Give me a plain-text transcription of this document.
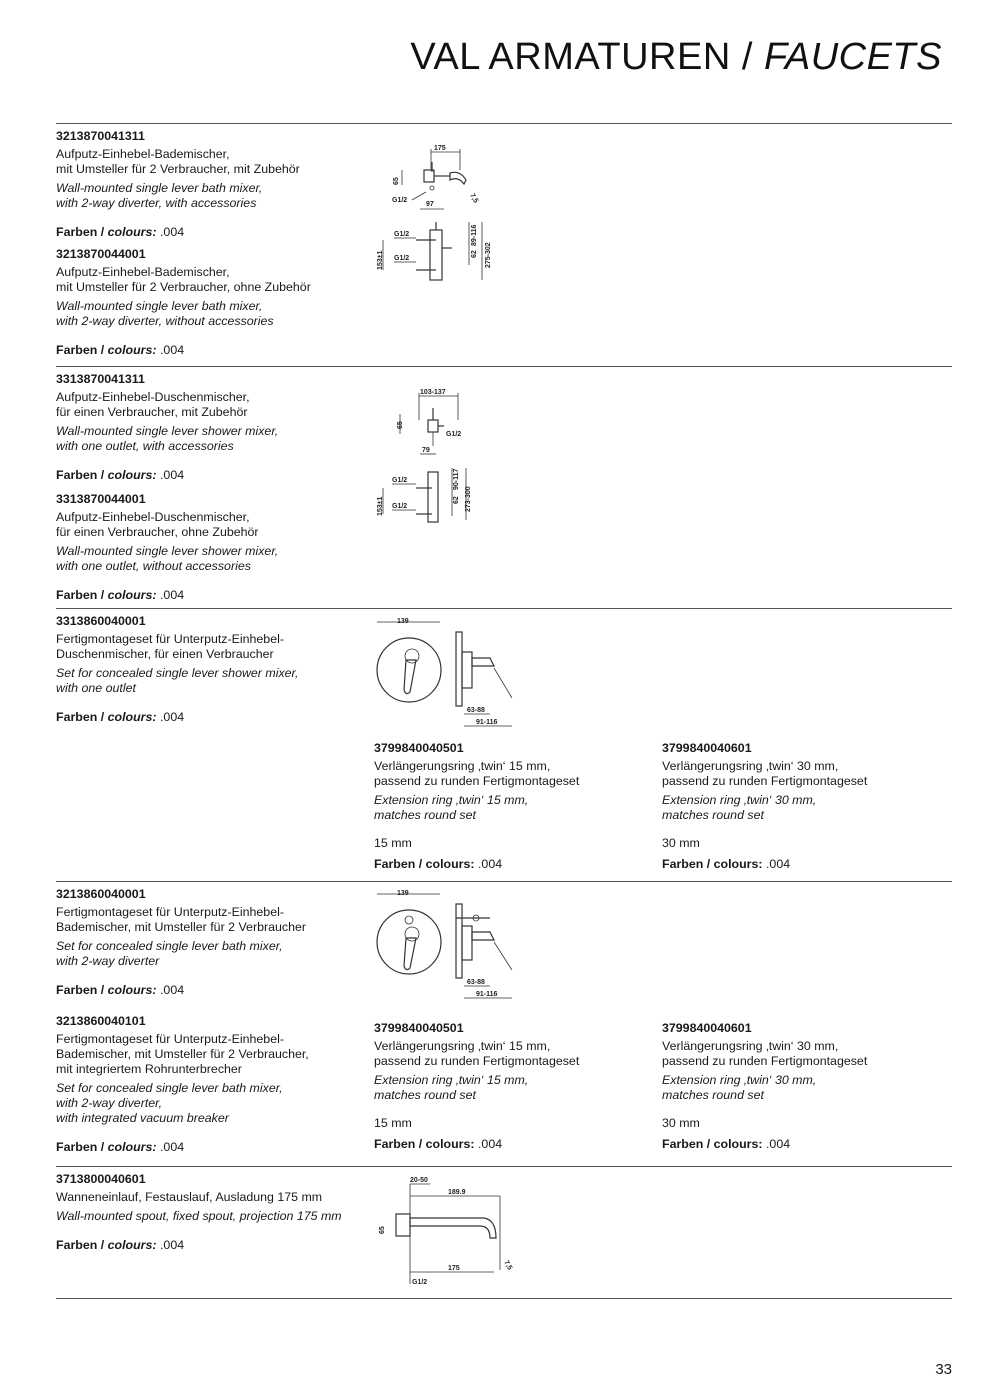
VAL ARMATUREN / FAUCETS
3213870041311
Aufputz-Einhebel-Bademischer,
mit Umsteller für 2 Verbraucher, mit Zubehör
Wall-mounted single lever bath mixer,
with 2-way diverter, with accessories
Farben / colours: .004
3213870044001
Aufputz-Einhebel-Bademischer,
mit Umsteller für 2 Verbraucher, ohne Zubehör
Wall-mounted single lever bath mixer,
with 2-way diverter, without accessories
Farben / colours: .004
3313870041311
Aufputz-Einhebel-Duschenmischer,
für einen Verbraucher, mit Zubehör
Wall-mounted single lever shower mixer,
with one outlet, with accessories
Farben / colours: .004
3313870044001
Aufputz-Einhebel-Duschenmischer,
für einen Verbraucher, ohne Zubehör
Wall-mounted single lever shower mixer,
with one outlet, without accessories
Farben / colours: .004
3313860040001
Fertigmontageset für Unterputz-Einhebel-
Duschenmischer, für einen Verbraucher
Set for concealed single lever shower mixer,
with one outlet
Farben / colours: .004
3213860040001
Fertigmontageset für Unterputz-Einhebel-
Bademischer, mit Umsteller für 2 Verbraucher
Set for concealed single lever bath mixer,
with 2-way diverter
Farben / colours: .004
3213860040101
Fertigmontageset für Unterputz-Einhebel-
Bademischer, mit Umsteller für 2 Verbraucher,
mit integriertem Rohrunterbrecher
Set for concealed single lever bath mixer,
with 2-way diverter,
with integrated vacuum breaker
Farben / colours: .004
3713800040601
Wanneneinlauf, Festauslauf, Ausladung 175 mm
Wall-mounted spout, fixed spout, projection 175 mm
Farben / colours: .004
3799840040501
Verlängerungsring ‚twin‘ 15 mm,
passend zu runden Fertigmontageset
Extension ring ‚twin‘ 15 mm,
matches round set
15 mm
Farben / colours: .004
3799840040601
Verlängerungsring ‚twin‘ 30 mm,
passend zu runden Fertigmontageset
Extension ring ‚twin‘ 30 mm,
matches round set
30 mm
Farben / colours: .004
3799840040501
Verlängerungsring ‚twin‘ 15 mm,
passend zu runden Fertigmontageset
Extension ring ‚twin‘ 15 mm,
matches round set
15 mm
Farben / colours: .004
3799840040601
Verlängerungsring ‚twin‘ 30 mm,
passend zu runden Fertigmontageset
Extension ring ‚twin‘ 30 mm,
matches round set
30 mm
Farben / colours: .004
175
65
G1/2
97
7,5
G1/2
G1/2
153±1	62
89-116
275-302
103-137
65
G1/2
79
G1/2
G1/2
153±1	62
90-117
273-300
139
63-88
91-116
139
63-88
91-116
20-50
189.9
65
175	7,5
G1/2
33
